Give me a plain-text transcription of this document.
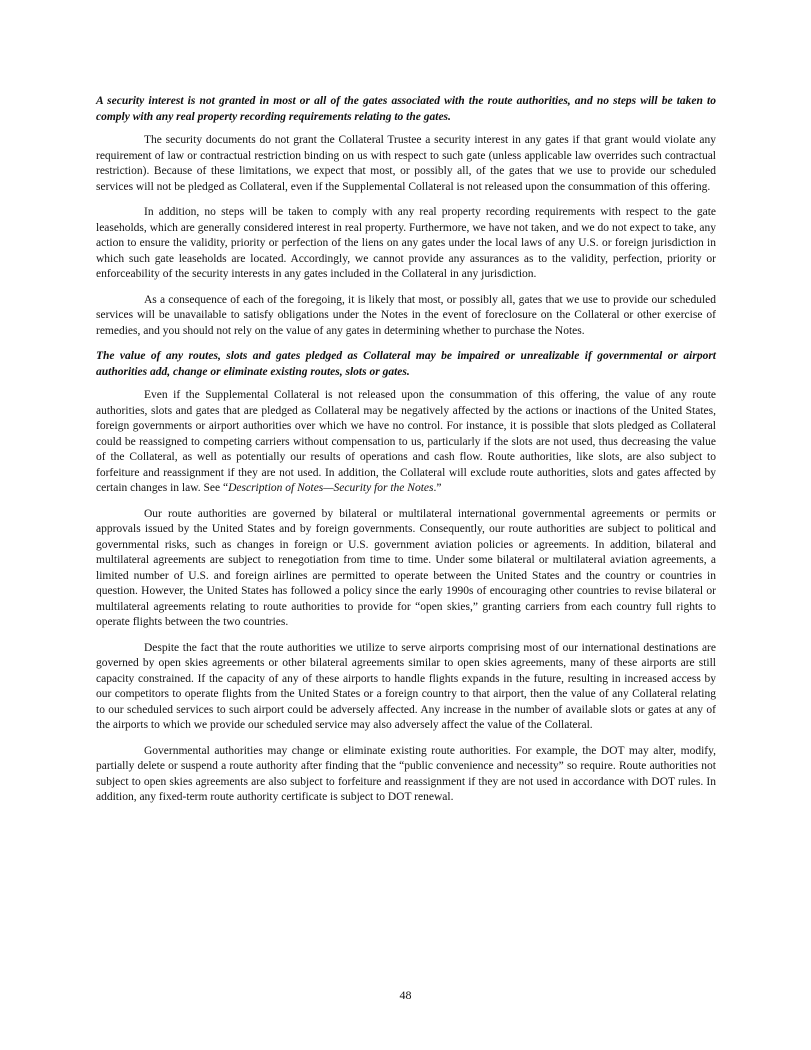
A security interest is not granted in most or all of the gates associated with the route authorities, and no steps will be taken to comply with any real property recording requirements relating to the gates.

The security documents do not grant the Collateral Trustee a security interest in any gates if that grant would violate any requirement of law or contractual restriction binding on us with respect to such gate (unless applicable law overrides such contractual restriction). Because of these limitations, we expect that most, or possibly all, of the gates that we use to provide our scheduled services will not be pledged as Collateral, even if the Supplemental Collateral is not released upon the consummation of this offering.

In addition, no steps will be taken to comply with any real property recording requirements with respect to the gate leaseholds, which are generally considered interest in real property. Furthermore, we have not taken, and we do not expect to take, any action to ensure the validity, priority or perfection of the liens on any gates under the local laws of any U.S. or foreign jurisdiction in which such gate leaseholds are located. Accordingly, we cannot provide any assurances as to the validity, perfection, priority or enforceability of the security interests in any gates included in the Collateral in any jurisdiction.

As a consequence of each of the foregoing, it is likely that most, or possibly all, gates that we use to provide our scheduled services will be unavailable to satisfy obligations under the Notes in the event of foreclosure on the Collateral or other exercise of remedies, and you should not rely on the value of any gates in determining whether to purchase the Notes.

The value of any routes, slots and gates pledged as Collateral may be impaired or unrealizable if governmental or airport authorities add, change or eliminate existing routes, slots or gates.

Even if the Supplemental Collateral is not released upon the consummation of this offering, the value of any route authorities, slots and gates that are pledged as Collateral may be negatively affected by the actions or inactions of the United States, foreign governments or airport authorities over which we have no control. For instance, it is possible that slots pledged as Collateral could be reassigned to competing carriers without compensation to us, particularly if the slots are not used, thus decreasing the value of the Collateral, as well as potentially our results of operations and cash flow. Route authorities, like slots, are also subject to forfeiture and reassignment if they are not used. In addition, the Collateral will exclude route authorities, slots and gates affected by certain changes in law. See “Description of Notes—Security for the Notes.”

Our route authorities are governed by bilateral or multilateral international governmental agreements or permits or approvals issued by the United States and by foreign governments. Consequently, our route authorities are subject to political and governmental risks, such as changes in foreign or U.S. government aviation policies or agreements. In addition, bilateral and multilateral agreements are subject to renegotiation from time to time. Under some bilateral or multilateral aviation agreements, a limited number of U.S. and foreign airlines are permitted to operate between the United States and the country or countries in question. However, the United States has followed a policy since the early 1990s of encouraging other countries to revise bilateral or multilateral agreements relating to route authorities to provide for “open skies,” granting carriers from each country full rights to operate flights between the two countries.

Despite the fact that the route authorities we utilize to serve airports comprising most of our international destinations are governed by open skies agreements or other bilateral agreements similar to open skies agreements, many of these airports are still capacity constrained. If the capacity of any of these airports to handle flights expands in the future, resulting in increased access by our competitors to operate flights from the United States or a foreign country to that airport, then the value of any Collateral relating to our scheduled services to such airport could be adversely affected. Any increase in the number of available slots or gates at any of the airports to which we provide our scheduled service may also adversely affect the value of the Collateral.

Governmental authorities may change or eliminate existing route authorities. For example, the DOT may alter, modify, partially delete or suspend a route authority after finding that the “public convenience and necessity” so require. Route authorities not subject to open skies agreements are also subject to forfeiture and reassignment if they are not used in accordance with DOT rules. In addition, any fixed-term route authority certificate is subject to DOT renewal.

48
